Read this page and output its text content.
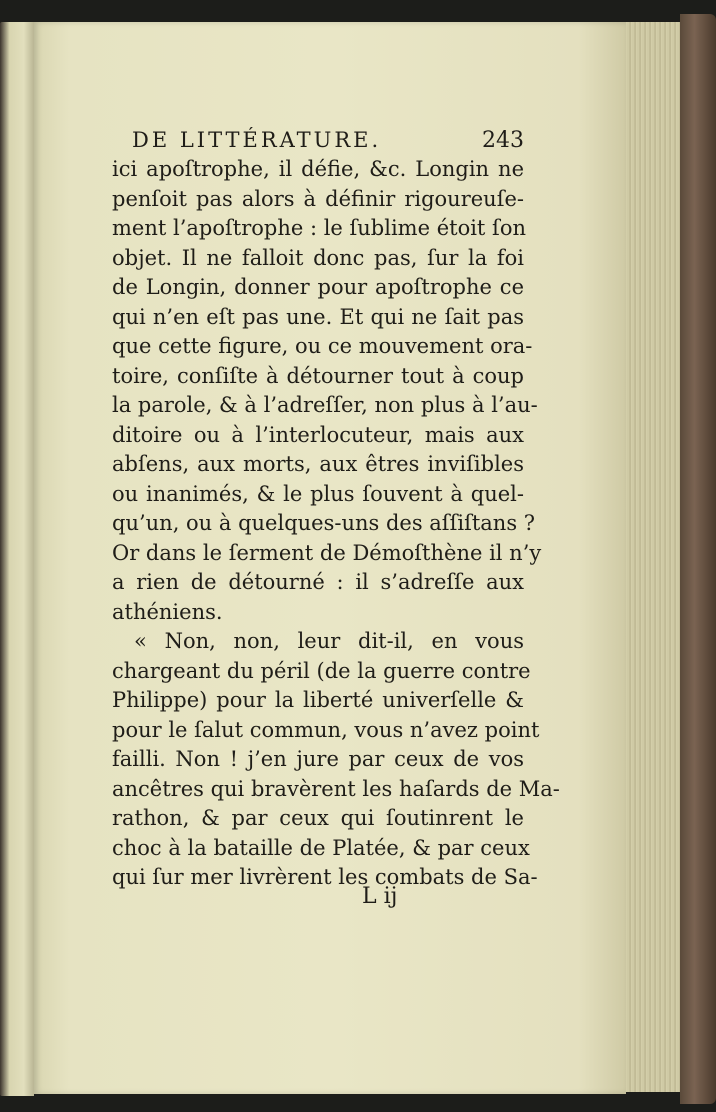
DE LITTÉRATURE.	243
ici apoſtrophe, il défie, &c. Longin ne
penſoit pas alors à définir rigoureuſe-
ment l’apoſtrophe : le ſublime étoit ſon
objet. Il ne falloit donc pas, ſur la foi
de Longin, donner pour apoſtrophe ce
qui n’en eſt pas une. Et qui ne ſait pas
que cette figure, ou ce mouvement ora-
toire, conſiſte à détourner tout à coup
la parole, & à l’adreſſer, non plus à l’au-
ditoire ou à l’interlocuteur, mais aux
abſens, aux morts, aux êtres inviſibles
ou inanimés, & le plus ſouvent à quel-
qu’un, ou à quelques-uns des aſſiſtans ?
Or dans le ſerment de Démoſthène il n’y
a rien de détourné : il s’adreſſe aux
athéniens.
« Non, non, leur dit-il, en vous
chargeant du péril (de la guerre contre
Philippe) pour la liberté univerſelle &
pour le ſalut commun, vous n’avez point
failli. Non ! j’en jure par ceux de vos
ancêtres qui bravèrent les haſards de Ma-
rathon, & par ceux qui ſoutinrent le
choc à la bataille de Platée, & par ceux
qui ſur mer livrèrent les combats de Sa-
L ij
